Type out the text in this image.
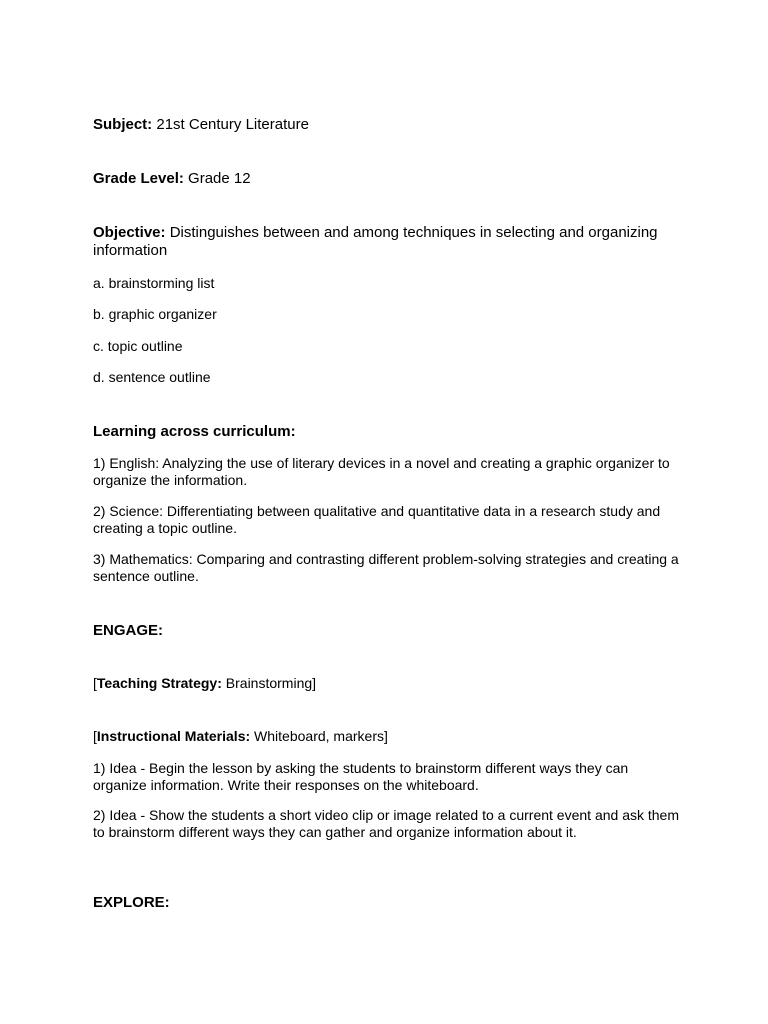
Subject: 21st Century Literature

Grade Level: Grade 12

Objective: Distinguishes between and among techniques in selecting and organizing information

a. brainstorming list

b. graphic organizer

c. topic outline

d. sentence outline

Learning across curriculum:

1) English: Analyzing the use of literary devices in a novel and creating a graphic organizer to organize the information.

2) Science: Differentiating between qualitative and quantitative data in a research study and creating a topic outline.

3) Mathematics: Comparing and contrasting different problem-solving strategies and creating a sentence outline.

ENGAGE:

[Teaching Strategy: Brainstorming]

[Instructional Materials: Whiteboard, markers]

1) Idea - Begin the lesson by asking the students to brainstorm different ways they can organize information. Write their responses on the whiteboard.

2) Idea - Show the students a short video clip or image related to a current event and ask them to brainstorm different ways they can gather and organize information about it.

EXPLORE:
